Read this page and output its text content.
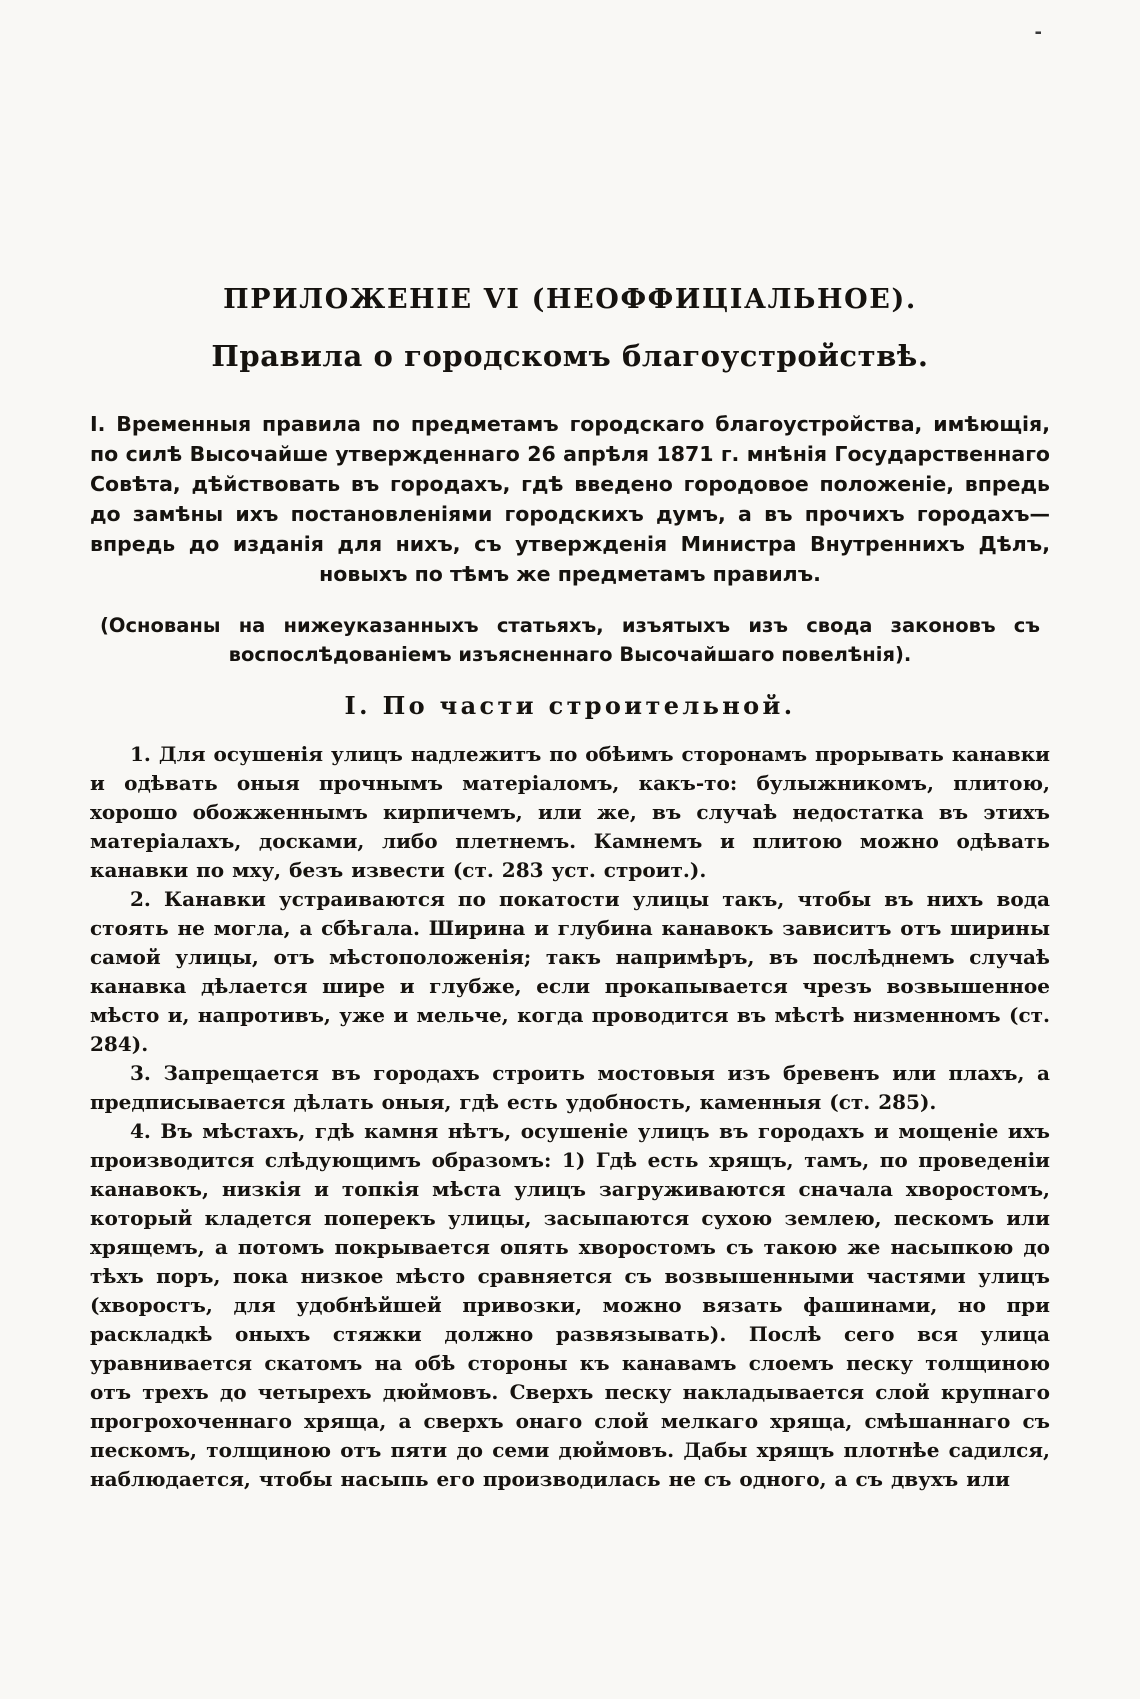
-
ПРИЛОЖЕНІЕ VI (НЕОФФИЦІАЛЬНОЕ).
Правила о городскомъ благоустройствѣ.

I. Временныя правила по предметамъ городскаго благоустройства, имѣющія, по силѣ Высочайше утвержденнаго 26 апрѣля 1871 г. мнѣнія Государственнаго Совѣта, дѣйствовать въ городахъ, гдѣ введено городовое положеніе, впредь до замѣны ихъ постановленіями городскихъ думъ, а въ прочихъ городахъ—впредь до изданія для нихъ, съ утвержденія Министра Внутреннихъ Дѣлъ, новыхъ по тѣмъ же предметамъ правилъ.

(Основаны на нижеуказанныхъ статьяхъ, изъятыхъ изъ свода законовъ съ воспослѣдованіемъ изъясненнаго Высочайшаго повелѣнія).

I. По части строительной.

1. Для осушенія улицъ надлежитъ по обѣимъ сторонамъ прорывать канавки и одѣвать оныя прочнымъ матеріаломъ, какъ-то: булыжникомъ, плитою, хорошо обожженнымъ кирпичемъ, или же, въ случаѣ недостатка въ этихъ матеріалахъ, досками, либо плетнемъ. Камнемъ и плитою можно одѣвать канавки по мху, безъ извести (ст. 283 уст. строит.).

2. Канавки устраиваются по покатости улицы такъ, чтобы въ нихъ вода стоять не могла, а сбѣгала. Ширина и глубина канавокъ зависитъ отъ ширины самой улицы, отъ мѣстоположенія; такъ напримѣръ, въ послѣднемъ случаѣ канавка дѣлается шире и глубже, если прокапывается чрезъ возвышенное мѣсто и, напротивъ, уже и мельче, когда проводится въ мѣстѣ низменномъ (ст. 284).

3. Запрещается въ городахъ строить мостовыя изъ бревенъ или плахъ, а предписывается дѣлать оныя, гдѣ есть удобность, каменныя (ст. 285).

4. Въ мѣстахъ, гдѣ камня нѣтъ, осушеніе улицъ въ городахъ и мощеніе ихъ производится слѣдующимъ образомъ: 1) Гдѣ есть хрящъ, тамъ, по проведеніи канавокъ, низкія и топкія мѣста улицъ загруживаются сначала хворостомъ, который кладется поперекъ улицы, засыпаются сухою землею, пескомъ или хрящемъ, а потомъ покрывается опять хворостомъ съ такою же насыпкою до тѣхъ поръ, пока низкое мѣсто сравняется съ возвышенными частями улицъ (хворостъ, для удобнѣйшей привозки, можно вязать фашинами, но при раскладкѣ оныхъ стяжки должно развязывать). Послѣ сего вся улица уравнивается скатомъ на обѣ стороны къ канавамъ слоемъ песку толщиною отъ трехъ до четырехъ дюймовъ. Сверхъ песку накладывается слой крупнаго прогрохоченнаго хряща, а сверхъ онаго слой мелкаго хряща, смѣшаннаго съ пескомъ, толщиною отъ пяти до семи дюймовъ. Дабы хрящъ плотнѣе садился, наблюдается, чтобы насыпь его производилась не съ одного, а съ двухъ или
